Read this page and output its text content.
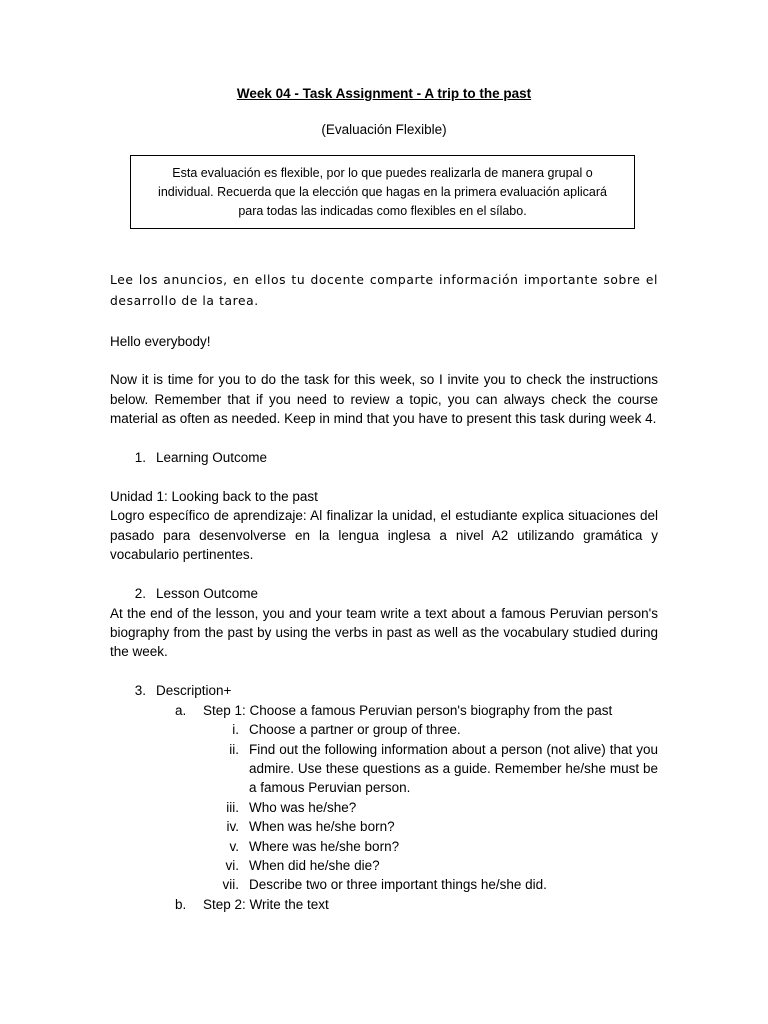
Week 04 - Task Assignment - A trip to the past
(Evaluación Flexible)
Esta evaluación es flexible, por lo que puedes realizarla de manera grupal o individual. Recuerda que la elección que hagas en la primera evaluación aplicará para todas las indicadas como flexibles en el sílabo.

Lee los anuncios, en ellos tu docente comparte información importante sobre el desarrollo de la tarea.

Hello everybody!

Now it is time for you to do the task for this week, so I invite you to check the instructions below. Remember that if you need to review a topic, you can always check the course material as often as needed. Keep in mind that you have to present this task during week 4.

1. Learning Outcome

Unidad 1: Looking back to the past

Logro específico de aprendizaje: Al finalizar la unidad, el estudiante explica situaciones del pasado para desenvolverse en la lengua inglesa a nivel A2 utilizando gramática y vocabulario pertinentes.

2. Lesson Outcome

At the end of the lesson, you and your team write a text about a famous Peruvian person's biography from the past by using the verbs in past as well as the vocabulary studied during the week.

3. Description+
a.	Step 1: Choose a famous Peruvian person's biography from the past
i. Choose a partner or group of three.
ii. Find out the following information about a person (not alive) that you admire. Use these questions as a guide. Remember he/she must be a famous Peruvian person.
iii. Who was he/she?
iv. When was he/she born?
v. Where was he/she born?
vi. When did he/she die?
vii. Describe two or three important things he/she did.
b.	Step 2: Write the text
